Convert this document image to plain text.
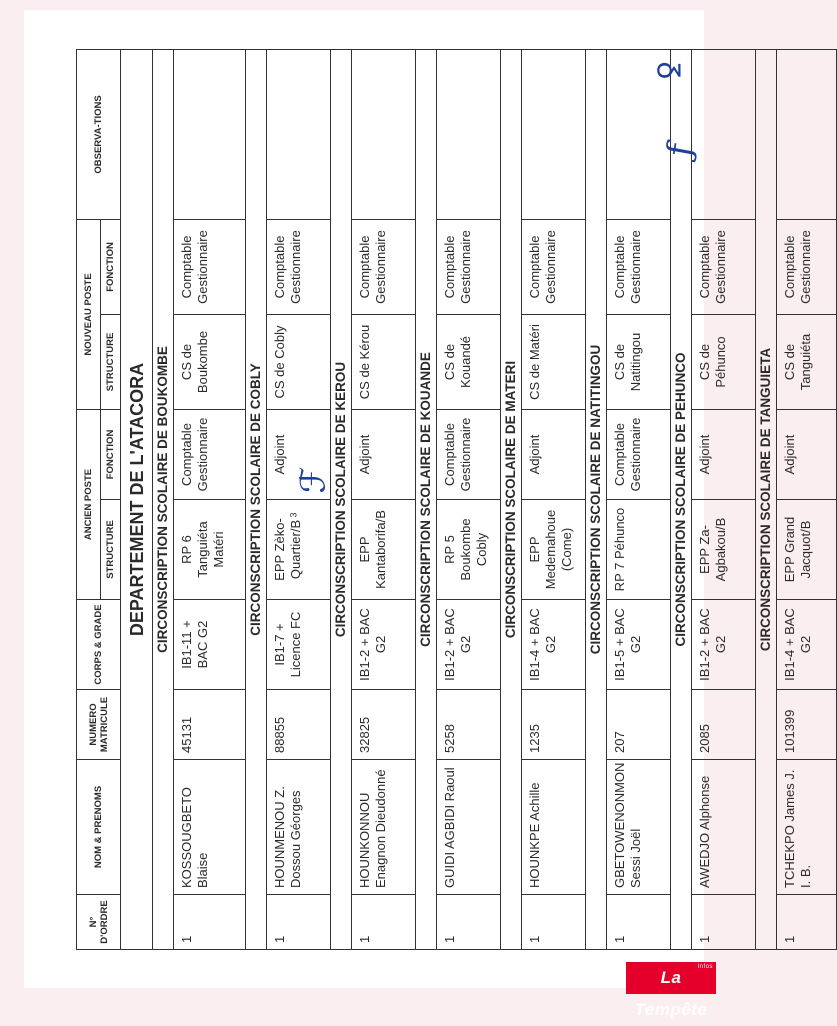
N° D'ORDRE	NOM & PRENOMS	NUMERO MATRICULE	CORPS & GRADE	ANCIEN POSTE		NOUVEAU POSTE		OBSERVA-TIONS
				STRUCTURE	FONCTION	STRUCTURE	FONCTION	
DEPARTEMENT DE L'ATACORA								
CIRCONSCRIPTION SCOLAIRE DE BOUKOMBE								
1	KOSSOUGBETO Blaise	45131	IB1-11 + BAC G2	RP 6 Tanguiéta Matéri	Comptable Gestionnaire	CS de Boukombe	Comptable Gestionnaire	
CIRCONSCRIPTION SCOLAIRE DE COBLY								
1	HOUNMENOU Z. Dossou Géorges	88855	IB1-7 + Licence FC	EPP Zèko-Quartier/B	Adjoint	CS de Cobly	Comptable Gestionnaire	
CIRCONSCRIPTION SCOLAIRE DE KEROU								
1	HOUNKONNOU Enagnon Dieudonné	32825	IB1-2 + BAC G2	EPP Kantaborifa/B	Adjoint	CS de Kérou	Comptable Gestionnaire	
CIRCONSCRIPTION SCOLAIRE DE KOUANDE								
1	GUIDI AGBIDI Raoul	5258	IB1-2 + BAC G2	RP 5 Boukombe Cobly	Comptable Gestionnaire	CS de Kouandé	Comptable Gestionnaire	
CIRCONSCRIPTION SCOLAIRE DE MATERI								
1	HOUNKPE Achille	1235	IB1-4 + BAC G2	EPP Medemahoue (Come)	Adjoint	CS de Matéri	Comptable Gestionnaire	
CIRCONSCRIPTION SCOLAIRE DE NATITINGOU								
1	GBETOWENONMON Sessi Joël	207	IB1-5 + BAC G2	RP 7 Péhunco	Comptable Gestionnaire	CS de Natitingou	Comptable Gestionnaire	
CIRCONSCRIPTION SCOLAIRE DE PEHUNCO								
1	AWEDJO Alphonse	2085	IB1-2 + BAC G2	EPP Za-Agbakou/B	Adjoint	CS de Péhunco	Comptable Gestionnaire	
CIRCONSCRIPTION SCOLAIRE DE TANGUIETA								
1	TCHEKPO James J. I. B.	101399	IB1-4 + BAC G2	EPP Grand Jacquot/B	Adjoint	CS de Tanguiéta	Comptable Gestionnaire	
ꝿ
ƒ
ℱ
3
Infos
La Tempête
